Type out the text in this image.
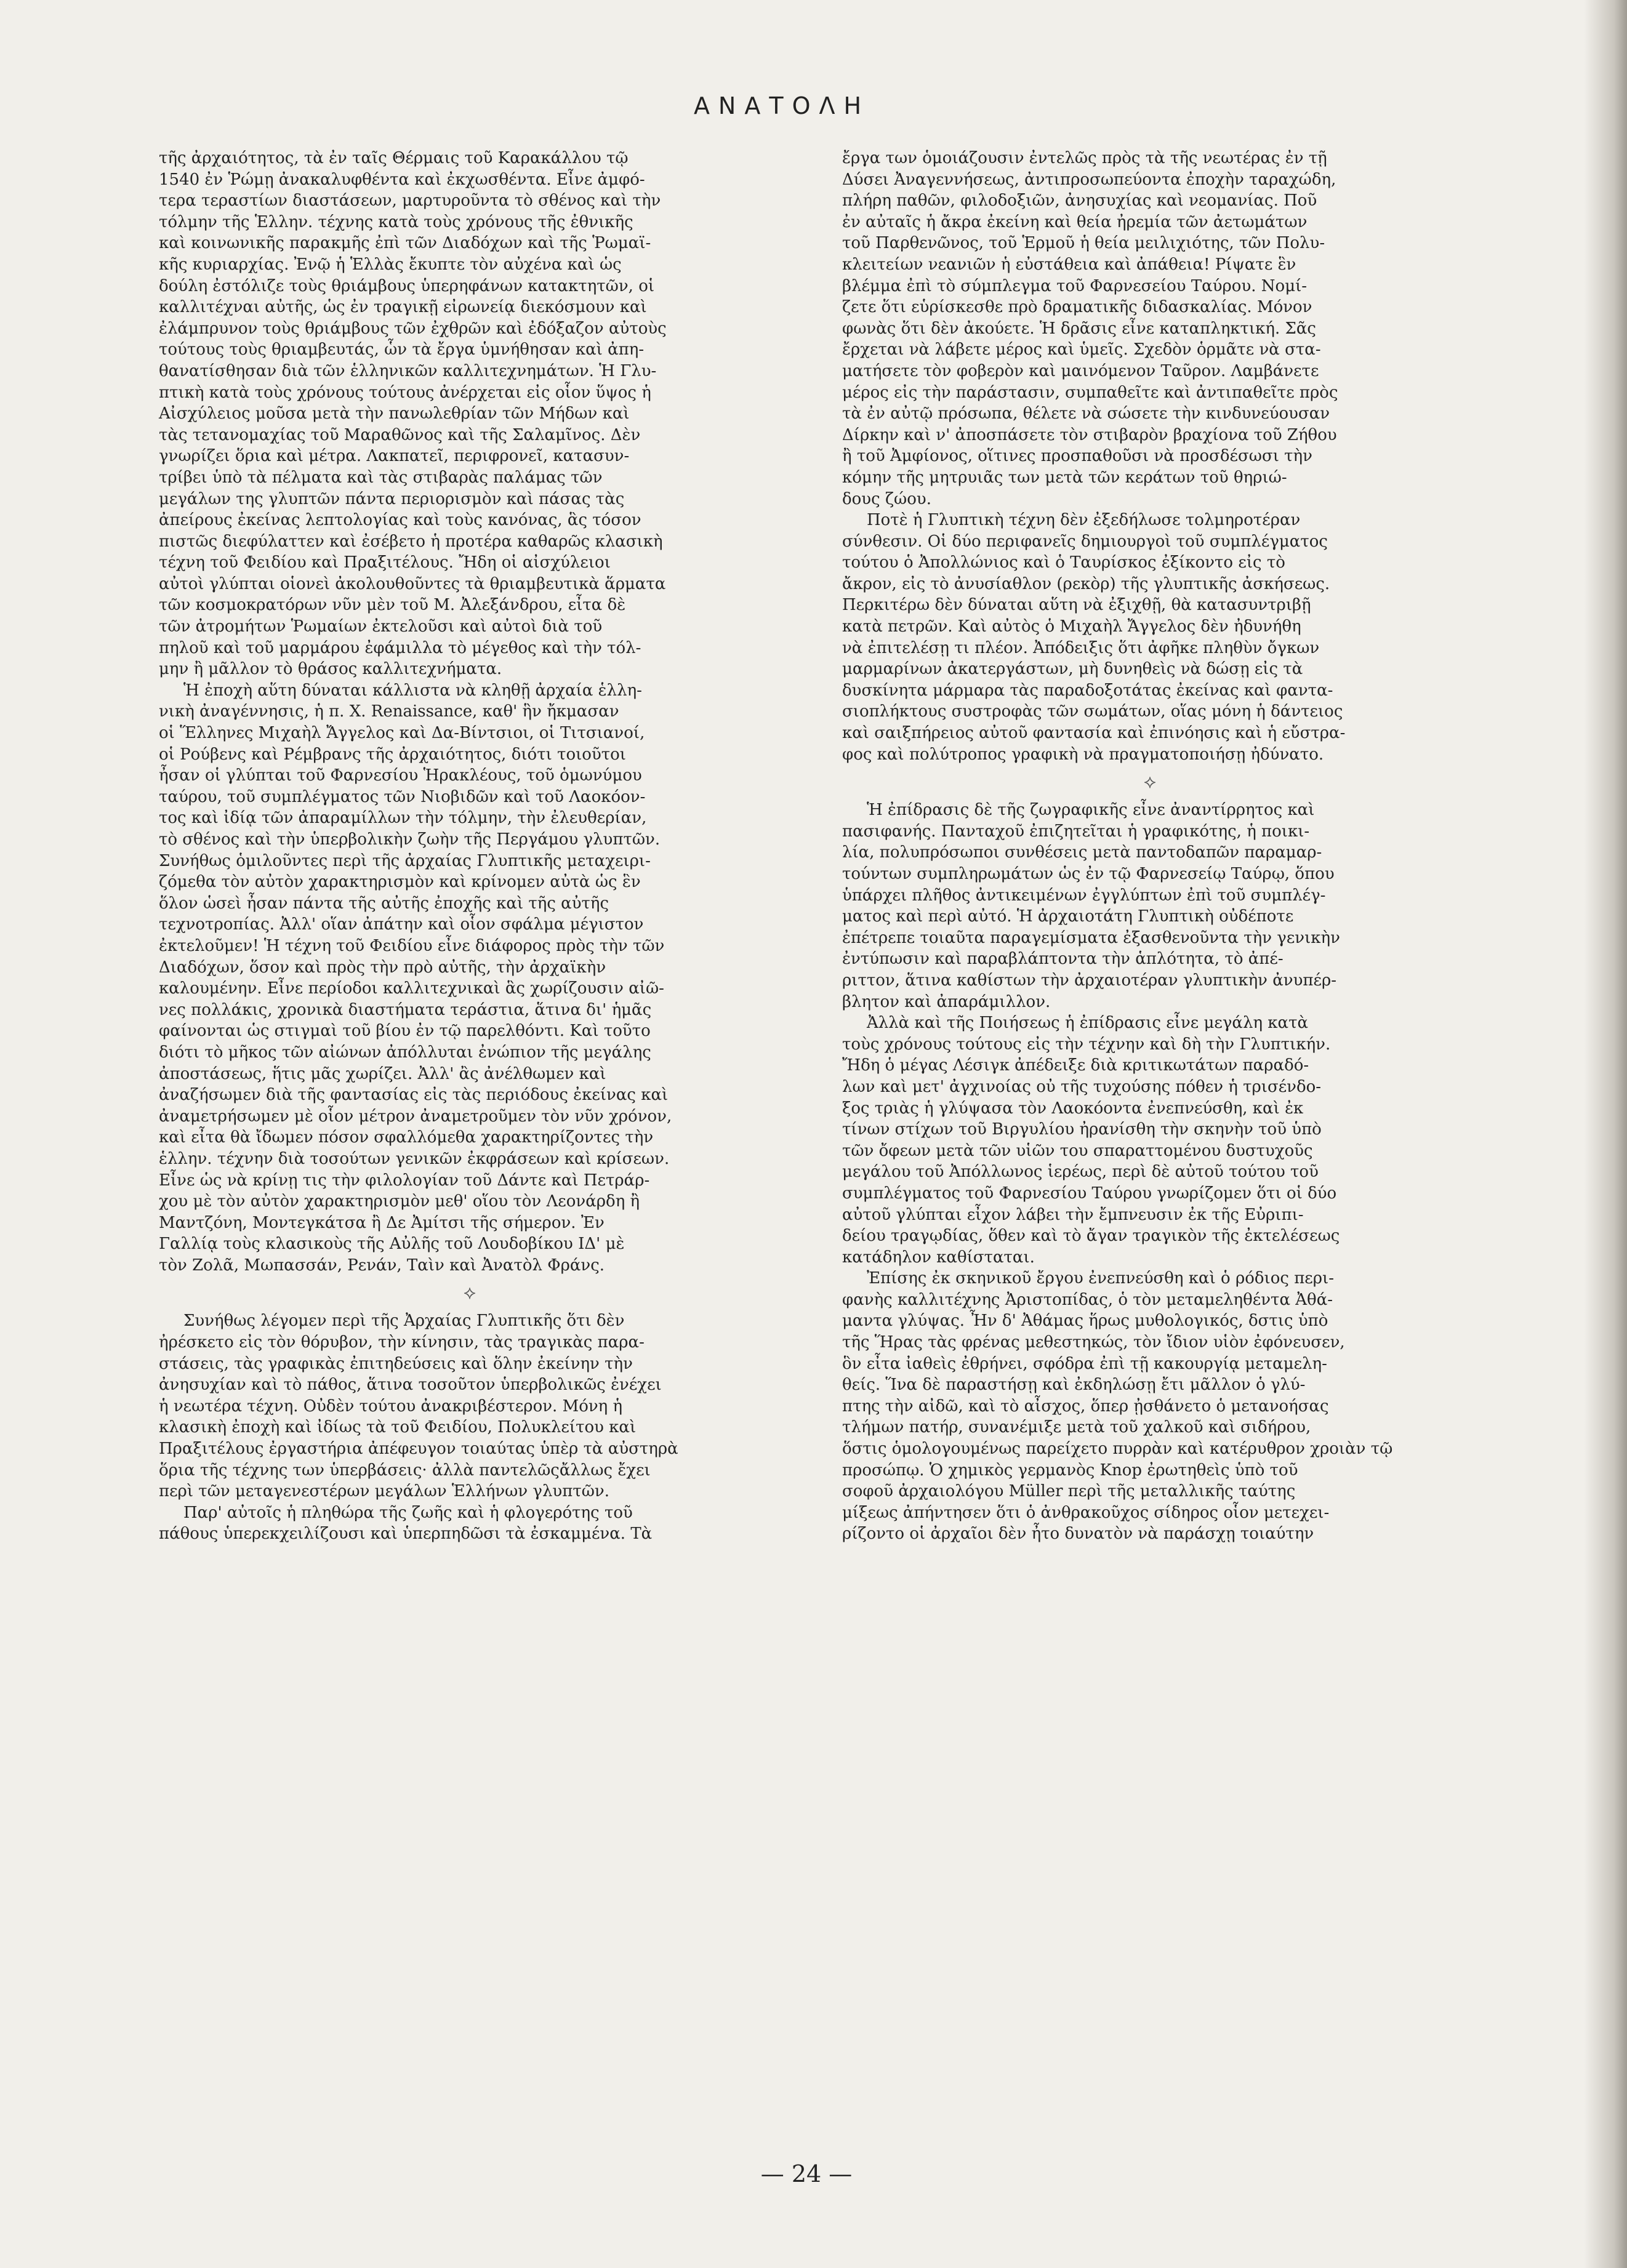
ΑΝΑΤΟΛΗ

τῆς ἀρχαιότητος, τὰ ἐν ταῖς Θέρμαις τοῦ Καρακάλλου τῷ
1540 ἐν Ῥώμῃ ἀνακαλυφθέντα καὶ ἐκχωσθέντα. Εἶνε ἀμφό-
τερα τεραστίων διαστάσεων, μαρτυροῦντα τὸ σθένος καὶ τὴν
τόλμην τῆς Ἑλλην. τέχνης κατὰ τοὺς χρόνους τῆς ἐθνικῆς
καὶ κοινωνικῆς παρακμῆς ἐπὶ τῶν Διαδόχων καὶ τῆς Ῥωμαϊ-
κῆς κυριαρχίας. Ἐνῷ ἡ Ἑλλὰς ἔκυπτε τὸν αὐχένα καὶ ὡς
δούλη ἐστόλιζε τοὺς θριάμβους ὑπερηφάνων κατακτητῶν, οἱ
καλλιτέχναι αὐτῆς, ὡς ἐν τραγικῇ εἰρωνείᾳ διεκόσμουν καὶ
ἐλάμπρυνον τοὺς θριάμβους τῶν ἐχθρῶν καὶ ἐδόξαζον αὐτοὺς
τούτους τοὺς θριαμβευτάς, ὧν τὰ ἔργα ὑμνήθησαν καὶ ἀπη-
θανατίσθησαν διὰ τῶν ἑλληνικῶν καλλιτεχνημάτων. Ἡ Γλυ-
πτικὴ κατὰ τοὺς χρόνους τούτους ἀνέρχεται εἰς οἷον ὕψος ἡ
Αἰσχύλειος μοῦσα μετὰ τὴν πανωλεθρίαν τῶν Μήδων καὶ
τὰς τετανομαχίας τοῦ Μαραθῶνος καὶ τῆς Σαλαμῖνος. Δὲν
γνωρίζει ὅρια καὶ μέτρα. Λακπατεῖ, περιφρονεῖ, κατασυν-
τρίβει ὑπὸ τὰ πέλματα καὶ τὰς στιβαρὰς παλάμας τῶν
μεγάλων της γλυπτῶν πάντα περιορισμὸν καὶ πάσας τὰς
ἀπείρους ἐκείνας λεπτολογίας καὶ τοὺς κανόνας, ἃς τόσον
πιστῶς διεφύλαττεν καὶ ἐσέβετο ἡ προτέρα καθαρῶς κλασικὴ
τέχνη τοῦ Φειδίου καὶ Πραξιτέλους. Ἤδη οἱ αἰσχύλειοι
αὐτοὶ γλύπται οἱονεὶ ἀκολουθοῦντες τὰ θριαμβευτικὰ ἅρματα
τῶν κοσμοκρατόρων νῦν μὲν τοῦ Μ. Ἀλεξάνδρου, εἶτα δὲ
τῶν ἀτρομήτων Ῥωμαίων ἐκτελοῦσι καὶ αὐτοὶ διὰ τοῦ
πηλοῦ καὶ τοῦ μαρμάρου ἐφάμιλλα τὸ μέγεθος καὶ τὴν τόλ-
μην ἢ μᾶλλον τὸ θράσος καλλιτεχνήματα.

Ἡ ἐποχὴ αὕτη δύναται κάλλιστα νὰ κληθῇ ἀρχαία ἑλλη-
νικὴ ἀναγέννησις, ἡ π. Χ. Renaissance, καθ' ἣν ἤκμασαν
οἱ Ἕλληνες Μιχαὴλ Ἄγγελος καὶ Δα-Βίντσιοι, οἱ Τιτσιανοί,
οἱ Ρούβενς καὶ Ρέμβρανς τῆς ἀρχαιότητος, διότι τοιοῦτοι
ἦσαν οἱ γλύπται τοῦ Φαρνεσίου Ἡρακλέους, τοῦ ὁμωνύμου
ταύρου, τοῦ συμπλέγματος τῶν Νιοβιδῶν καὶ τοῦ Λαοκόον-
τος καὶ ἰδίᾳ τῶν ἀπαραμίλλων τὴν τόλμην, τὴν ἐλευθερίαν,
τὸ σθένος καὶ τὴν ὑπερβολικὴν ζωὴν τῆς Περγάμου γλυπτῶν.
Συνήθως ὁμιλοῦντες περὶ τῆς ἀρχαίας Γλυπτικῆς μεταχειρι-
ζόμεθα τὸν αὐτὸν χαρακτηρισμὸν καὶ κρίνομεν αὐτὰ ὡς ἓν
ὅλον ὡσεὶ ἦσαν πάντα τῆς αὐτῆς ἐποχῆς καὶ τῆς αὐτῆς
τεχνοτροπίας. Ἀλλ' οἵαν ἀπάτην καὶ οἷον σφάλμα μέγιστον
ἐκτελοῦμεν! Ἡ τέχνη τοῦ Φειδίου εἶνε διάφορος πρὸς τὴν τῶν
Διαδόχων, ὅσον καὶ πρὸς τὴν πρὸ αὐτῆς, τὴν ἀρχαϊκὴν
καλουμένην. Εἶνε περίοδοι καλλιτεχνικαὶ ἃς χωρίζουσιν αἰῶ-
νες πολλάκις, χρονικὰ διαστήματα τεράστια, ἅτινα δι' ἡμᾶς
φαίνονται ὡς στιγμαὶ τοῦ βίου ἐν τῷ παρελθόντι. Καὶ τοῦτο
διότι τὸ μῆκος τῶν αἰώνων ἀπόλλυται ἐνώπιον τῆς μεγάλης
ἀποστάσεως, ἥτις μᾶς χωρίζει. Ἀλλ' ἂς ἀνέλθωμεν καὶ
ἀναζήσωμεν διὰ τῆς φαντασίας εἰς τὰς περιόδους ἐκείνας καὶ
ἀναμετρήσωμεν μὲ οἷον μέτρον ἀναμετροῦμεν τὸν νῦν χρόνον,
καὶ εἶτα θὰ ἴδωμεν πόσον σφαλλόμεθα χαρακτηρίζοντες τὴν
ἑλλην. τέχνην διὰ τοσούτων γενικῶν ἐκφράσεων καὶ κρίσεων.
Εἶνε ὡς νὰ κρίνῃ τις τὴν φιλολογίαν τοῦ Δάντε καὶ Πετράρ-
χου μὲ τὸν αὐτὸν χαρακτηρισμὸν μεθ' οἵου τὸν Λεονάρδη ἢ
Μαντζόνη, Μοντεγκάτσα ἢ Δε Ἀμίτσι τῆς σήμερον. Ἐν
Γαλλίᾳ τοὺς κλασικοὺς τῆς Αὐλῆς τοῦ Λουδοβίκου ΙΔ' μὲ
τὸν Ζολᾶ, Μωπασσάν, Ρενάν, Ταὶν καὶ Ἀνατὸλ Φράνς.

⟡

Συνήθως λέγομεν περὶ τῆς Ἀρχαίας Γλυπτικῆς ὅτι δὲν
ἠρέσκετο εἰς τὸν θόρυβον, τὴν κίνησιν, τὰς τραγικὰς παρα-
στάσεις, τὰς γραφικὰς ἐπιτηδεύσεις καὶ ὅλην ἐκείνην τὴν
ἀνησυχίαν καὶ τὸ πάθος, ἅτινα τοσοῦτον ὑπερβολικῶς ἐνέχει
ἡ νεωτέρα τέχνη. Οὐδὲν τούτου ἀνακριβέστερον. Μόνη ἡ
κλασικὴ ἐποχὴ καὶ ἰδίως τὰ τοῦ Φειδίου, Πολυκλείτου καὶ
Πραξιτέλους ἐργαστήρια ἀπέφευγον τοιαύτας ὑπὲρ τὰ αὐστηρὰ
ὅρια τῆς τέχνης των ὑπερβάσεις· ἀλλὰ παντελῶςἄλλως ἔχει
περὶ τῶν μεταγενεστέρων μεγάλων Ἑλλήνων γλυπτῶν.

Παρ' αὐτοῖς ἡ πληθώρα τῆς ζωῆς καὶ ἡ φλογερότης τοῦ
πάθους ὑπερεκχειλίζουσι καὶ ὑπερπηδῶσι τὰ ἐσκαμμένα. Τὰ

ἔργα των ὁμοιάζουσιν ἐντελῶς πρὸς τὰ τῆς νεωτέρας ἐν τῇ
Δύσει Ἀναγεννήσεως, ἀντιπροσωπεύοντα ἐποχὴν ταραχώδη,
πλήρη παθῶν, φιλοδοξιῶν, ἀνησυχίας καὶ νεομανίας. Ποῦ
ἐν αὐταῖς ἡ ἄκρα ἐκείνη καὶ θεία ἠρεμία τῶν ἀετωμάτων
τοῦ Παρθενῶνος, τοῦ Ἑρμοῦ ἡ θεία μειλιχιότης, τῶν Πολυ-
κλειτείων νεανιῶν ἡ εὐστάθεια καὶ ἀπάθεια! Ρίψατε ἓν
βλέμμα ἐπὶ τὸ σύμπλεγμα τοῦ Φαρνεσείου Ταύρου. Νομί-
ζετε ὅτι εὑρίσκεσθε πρὸ δραματικῆς διδασκαλίας. Μόνον
φωνὰς ὅτι δὲν ἀκούετε. Ἡ δρᾶσις εἶνε καταπληκτική. Σᾶς
ἔρχεται νὰ λάβετε μέρος καὶ ὑμεῖς. Σχεδὸν ὁρμᾶτε νὰ στα-
ματήσετε τὸν φοβερὸν καὶ μαινόμενον Ταῦρον. Λαμβάνετε
μέρος εἰς τὴν παράστασιν, συμπαθεῖτε καὶ ἀντιπαθεῖτε πρὸς
τὰ ἐν αὐτῷ πρόσωπα, θέλετε νὰ σώσετε τὴν κινδυνεύουσαν
Δίρκην καὶ ν' ἀποσπάσετε τὸν στιβαρὸν βραχίονα τοῦ Ζήθου
ἢ τοῦ Ἀμφίονος, οἵτινες προσπαθοῦσι νὰ προσδέσωσι τὴν
κόμην τῆς μητρυιᾶς των μετὰ τῶν κεράτων τοῦ θηριώ-
δους ζώου.

Ποτὲ ἡ Γλυπτικὴ τέχνη δὲν ἐξεδήλωσε τολμηροτέραν
σύνθεσιν. Οἱ δύο περιφανεῖς δημιουργοὶ τοῦ συμπλέγματος
τούτου ὁ Ἀπολλώνιος καὶ ὁ Ταυρίσκος ἐξίκοντο εἰς τὸ
ἄκρον, εἰς τὸ ἀνυσίαθλον (ρεκὸρ) τῆς γλυπτικῆς ἀσκήσεως.
Περκιτέρω δὲν δύναται αὕτη νὰ ἐξιχθῇ, θὰ κατασυντριβῇ
κατὰ πετρῶν. Καὶ αὐτὸς ὁ Μιχαὴλ Ἄγγελος δὲν ἠδυνήθη
νὰ ἐπιτελέσῃ τι πλέον. Ἀπόδειξις ὅτι ἀφῆκε πληθὺν ὄγκων
μαρμαρίνων ἀκατεργάστων, μὴ δυνηθεὶς νὰ δώσῃ εἰς τὰ
δυσκίνητα μάρμαρα τὰς παραδοξοτάτας ἐκείνας καὶ φαντα-
σιοπλήκτους συστροφὰς τῶν σωμάτων, οἵας μόνη ἡ δάντειος
καὶ σαιξπήρειος αὐτοῦ φαντασία καὶ ἐπινόησις καὶ ἡ εὔστρα-
φος καὶ πολύτροπος γραφικὴ νὰ πραγματοποιήσῃ ἠδύνατο.

⟡

Ἡ ἐπίδρασις δὲ τῆς ζωγραφικῆς εἶνε ἀναντίρρητος καὶ
πασιφανής. Πανταχοῦ ἐπιζητεῖται ἡ γραφικότης, ἡ ποικι-
λία, πολυπρόσωποι συνθέσεις μετὰ παντοδαπῶν παραμαρ-
τούντων συμπληρωμάτων ὡς ἐν τῷ Φαρνεσείῳ Ταύρῳ, ὅπου
ὑπάρχει πλῆθος ἀντικειμένων ἐγγλύπτων ἐπὶ τοῦ συμπλέγ-
ματος καὶ περὶ αὐτό. Ἡ ἀρχαιοτάτη Γλυπτικὴ οὐδέποτε
ἐπέτρεπε τοιαῦτα παραγεμίσματα ἐξασθενοῦντα τὴν γενικὴν
ἐντύπωσιν καὶ παραβλάπτοντα τὴν ἁπλότητα, τὸ ἀπέ-
ριττον, ἅτινα καθίστων τὴν ἀρχαιοτέραν γλυπτικὴν ἀνυπέρ-
βλητον καὶ ἀπαράμιλλον.

Ἀλλὰ καὶ τῆς Ποιήσεως ἡ ἐπίδρασις εἶνε μεγάλη κατὰ
τοὺς χρόνους τούτους εἰς τὴν τέχνην καὶ δὴ τὴν Γλυπτικήν.
Ἤδη ὁ μέγας Λέσιγκ ἀπέδειξε διὰ κριτικωτάτων παραδό-
λων καὶ μετ' ἀγχινοίας οὐ τῆς τυχούσης πόθεν ἡ τρισένδο-
ξος τριὰς ἡ γλύψασα τὸν Λαοκόοντα ἐνεπνεύσθη, καὶ ἐκ
τίνων στίχων τοῦ Βιργυλίου ἠρανίσθη τὴν σκηνὴν τοῦ ὑπὸ
τῶν ὄφεων μετὰ τῶν υἱῶν του σπαραττομένου δυστυχοῦς
μεγάλου τοῦ Ἀπόλλωνος ἱερέως, περὶ δὲ αὐτοῦ τούτου τοῦ
συμπλέγματος τοῦ Φαρνεσίου Ταύρου γνωρίζομεν ὅτι οἱ δύο
αὐτοῦ γλύπται εἶχον λάβει τὴν ἔμπνευσιν ἐκ τῆς Εὐριπι-
δείου τραγῳδίας, ὅθεν καὶ τὸ ἄγαν τραγικὸν τῆς ἐκτελέσεως
κατάδηλον καθίσταται.

Ἐπίσης ἐκ σκηνικοῦ ἔργου ἐνεπνεύσθη καὶ ὁ ρόδιος περι-
φανὴς καλλιτέχνης Ἀριστοπίδας, ὁ τὸν μεταμεληθέντα Ἀθά-
μαντα γλύψας. Ἦν δ' Ἀθάμας ἥρως μυθολογικός, δστις ὑπὸ
τῆς Ἥρας τὰς φρένας μεθεστηκώς, τὸν ἴδιον υἱὸν ἐφόνευσεν,
ὃν εἶτα ἰαθεὶς ἐθρήνει, σφόδρα ἐπὶ τῇ κακουργίᾳ μεταμελη-
θείς. Ἵνα δὲ παραστήσῃ καὶ ἐκδηλώσῃ ἔτι μᾶλλον ὁ γλύ-
πτης τὴν αἰδῶ, καὶ τὸ αἶσχος, ὅπερ ᾐσθάνετο ὁ μετανοήσας
τλήμων πατήρ, συνανέμιξε μετὰ τοῦ χαλκοῦ καὶ σιδήρου,
ὅστις ὁμολογουμένως παρείχετο πυρρὰν καὶ κατέρυθρον χροιὰν τῷ
προσώπῳ. Ὁ χημικὸς γερμανὸς Knop ἐρωτηθεὶς ὑπὸ τοῦ
σοφοῦ ἀρχαιολόγου Müller περὶ τῆς μεταλλικῆς ταύτης
μίξεως ἀπήντησεν ὅτι ὁ ἀνθρακοῦχος σίδηρος οἷον μετεχει-
ρίζοντο οἱ ἀρχαῖοι δὲν ἦτο δυνατὸν νὰ παράσχῃ τοιαύτην

— 24 —
